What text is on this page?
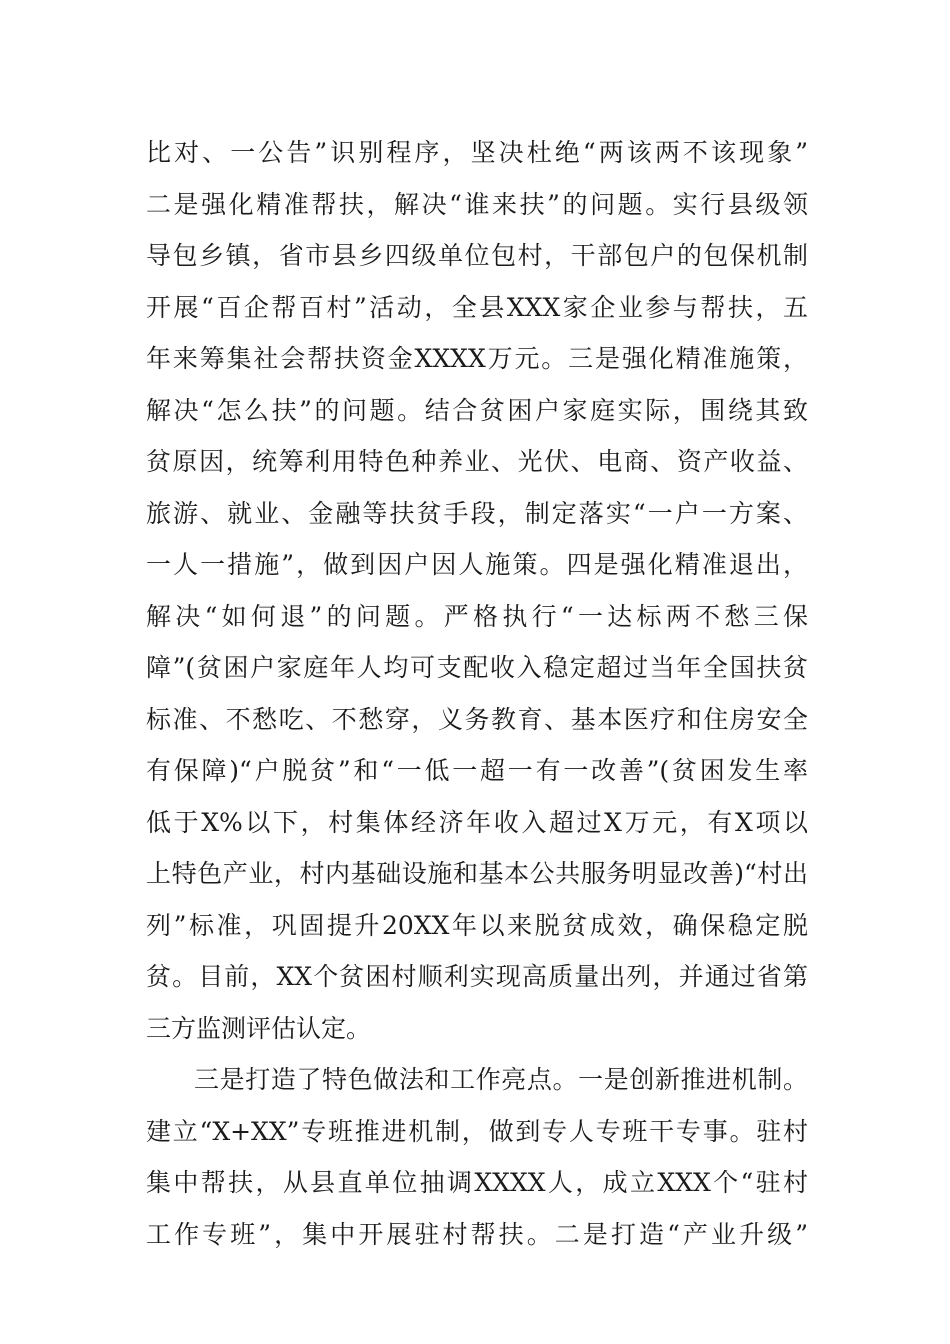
比对、一公告”识别程序，坚决杜绝“两该两不该现象”
二是强化精准帮扶，解决“谁来扶”的问题。实行县级领
导包乡镇，省市县乡四级单位包村，干部包户的包保机制
开展“百企帮百村”活动，全县XXX家企业参与帮扶，五
年来筹集社会帮扶资金XXXX万元。三是强化精准施策，
解决“怎么扶”的问题。结合贫困户家庭实际，围绕其致
贫原因，统筹利用特色种养业、光伏、电商、资产收益、
旅游、就业、金融等扶贫手段，制定落实“一户一方案、
一人一措施”，做到因户因人施策。四是强化精准退出，
解决“如何退”的问题。严格执行“一达标两不愁三保
障”(贫困户家庭年人均可支配收入稳定超过当年全国扶贫
标准、不愁吃、不愁穿，义务教育、基本医疗和住房安全
有保障)“户脱贫”和“一低一超一有一改善”(贫困发生率
低于X%以下，村集体经济年收入超过X万元，有X项以
上特色产业，村内基础设施和基本公共服务明显改善)“村出
列”标准，巩固提升20XX年以来脱贫成效，确保稳定脱
贫。目前，XX个贫困村顺利实现高质量出列，并通过省第
三方监测评估认定。
三是打造了特色做法和工作亮点。一是创新推进机制。
建立“X+XX”专班推进机制，做到专人专班干专事。驻村
集中帮扶，从县直单位抽调XXXX人，成立XXX个“驻村
工作专班”，集中开展驻村帮扶。二是打造“产业升级”
